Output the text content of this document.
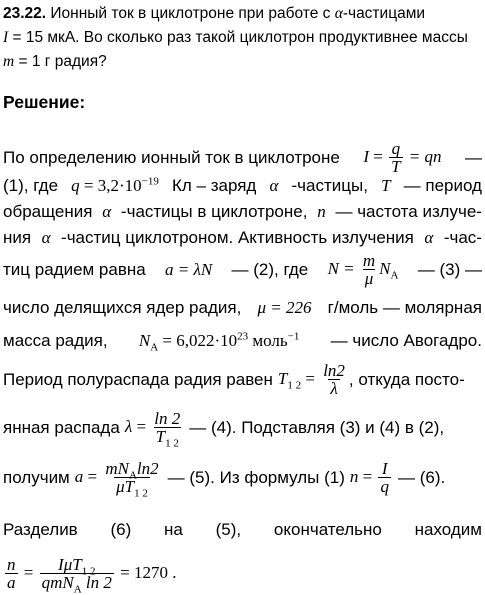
23.22. Ионный ток в циклотроне при работе с α-частицами
I = 15 мкА. Во сколько раз такой циклотрон продуктивнее массы
m = 1 г радия?
Решение:
По определению ионный ток в циклотроне $I = \frac{q}{T}$ = qn —
(1), где $q = 3,2\cdot 10^{-19}$ Кл – заряд α -частицы, T — период
обращения α -частицы в циклотроне, n — частота излуче-
ния α -частиц циклотроном. Активность излучения α -час-
тиц радием равна a = λN — (2), где $N = \frac{m}{\mu} N_A$ — (3) —
число делящихся ядер радия, μ = 226 г/моль — молярная
масса радия, $N_A = 6,022\cdot 10^{23}$ моль$^{-1}$ — число Авогадро.
Период полураспада радия равен $T_{1 2} = \frac{\ln 2}{\lambda}$ , откуда посто-
янная распада $\lambda = \frac{\ln 2}{T_{1 2}}$ — (4). Подставляя (3) и (4) в (2),
получим $a = \frac{mN_A\ln 2}{\mu T_{1 2}}$ — (5). Из формулы (1) $n = \frac{I}{q}$ — (6).
Разделив (6) на (5), окончательно находим
$\frac{n}{a} = \frac{I\mu T_{1 2}}{qmN_A \ln 2} = 1270$ .
